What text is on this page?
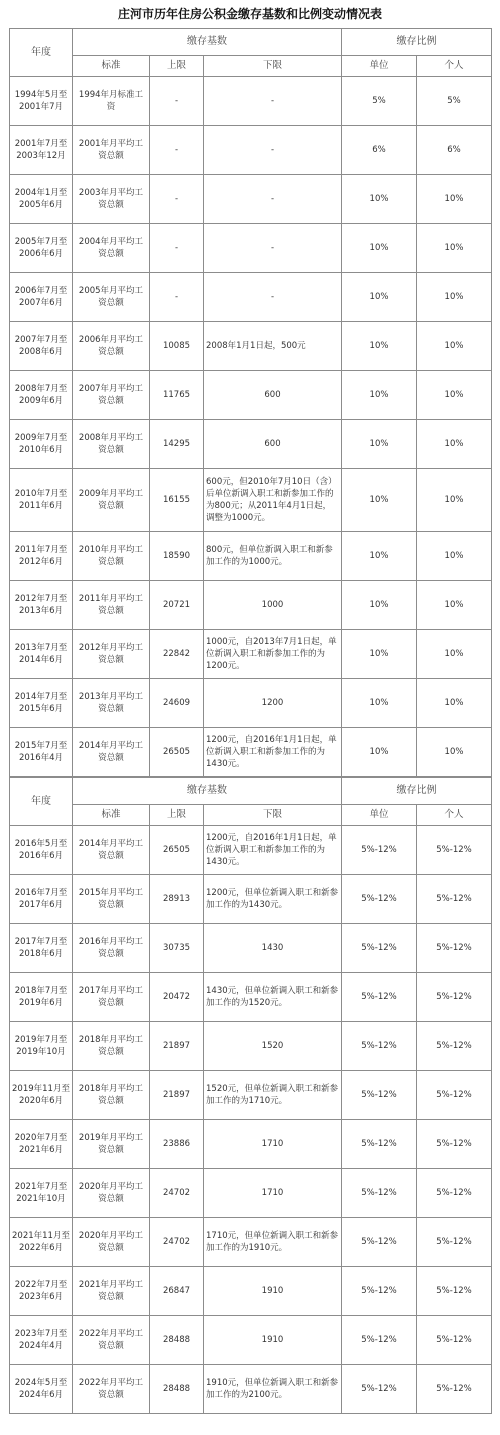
庄河市历年住房公积金缴存基数和比例变动情况表
年度	缴存基数			缴存比例	
	标准	上限	下限	单位	个人
1994年5月至2001年7月	1994年月标准工资	-	-	5%	5%
2001年7月至2003年12月	2001年月平均工资总额	-	-	6%	6%
2004年1月至2005年6月	2003年月平均工资总额	-	-	10%	10%
2005年7月至2006年6月	2004年月平均工资总额	-	-	10%	10%
2006年7月至2007年6月	2005年月平均工资总额	-	-	10%	10%
2007年7月至2008年6月	2006年月平均工资总额	10085	2008年1月1日起，500元	10%	10%
2008年7月至2009年6月	2007年月平均工资总额	11765	600	10%	10%
2009年7月至2010年6月	2008年月平均工资总额	14295	600	10%	10%
2010年7月至2011年6月	2009年月平均工资总额	16155	600元，但2010年7月10日（含）后单位新调入职工和新参加工作的为800元；从2011年4月1日起，调整为1000元。	10%	10%
2011年7月至2012年6月	2010年月平均工资总额	18590	800元，但单位新调入职工和新参加工作的为1000元。	10%	10%
2012年7月至2013年6月	2011年月平均工资总额	20721	1000	10%	10%
2013年7月至2014年6月	2012年月平均工资总额	22842	1000元，自2013年7月1日起，单位新调入职工和新参加工作的为1200元。	10%	10%
2014年7月至2015年6月	2013年月平均工资总额	24609	1200	10%	10%
2015年7月至2016年4月	2014年月平均工资总额	26505	1200元，自2016年1月1日起，单位新调入职工和新参加工作的为1430元。	10%	10%
年度	缴存基数			缴存比例	
	标准	上限	下限	单位	个人
2016年5月至2016年6月	2014年月平均工资总额	26505	1200元，自2016年1月1日起，单位新调入职工和新参加工作的为1430元。	5%-12%	5%-12%
2016年7月至2017年6月	2015年月平均工资总额	28913	1200元，但单位新调入职工和新参加工作的为1430元。	5%-12%	5%-12%
2017年7月至2018年6月	2016年月平均工资总额	30735	1430	5%-12%	5%-12%
2018年7月至2019年6月	2017年月平均工资总额	20472	1430元，但单位新调入职工和新参加工作的为1520元。	5%-12%	5%-12%
2019年7月至2019年10月	2018年月平均工资总额	21897	1520	5%-12%	5%-12%
2019年11月至2020年6月	2018年月平均工资总额	21897	1520元，但单位新调入职工和新参加工作的为1710元。	5%-12%	5%-12%
2020年7月至2021年6月	2019年月平均工资总额	23886	1710	5%-12%	5%-12%
2021年7月至2021年10月	2020年月平均工资总额	24702	1710	5%-12%	5%-12%
2021年11月至2022年6月	2020年月平均工资总额	24702	1710元，但单位新调入职工和新参加工作的为1910元。	5%-12%	5%-12%
2022年7月至2023年6月	2021年月平均工资总额	26847	1910	5%-12%	5%-12%
2023年7月至2024年4月	2022年月平均工资总额	28488	1910	5%-12%	5%-12%
2024年5月至2024年6月	2022年月平均工资总额	28488	1910元，但单位新调入职工和新参加工作的为2100元。	5%-12%	5%-12%
